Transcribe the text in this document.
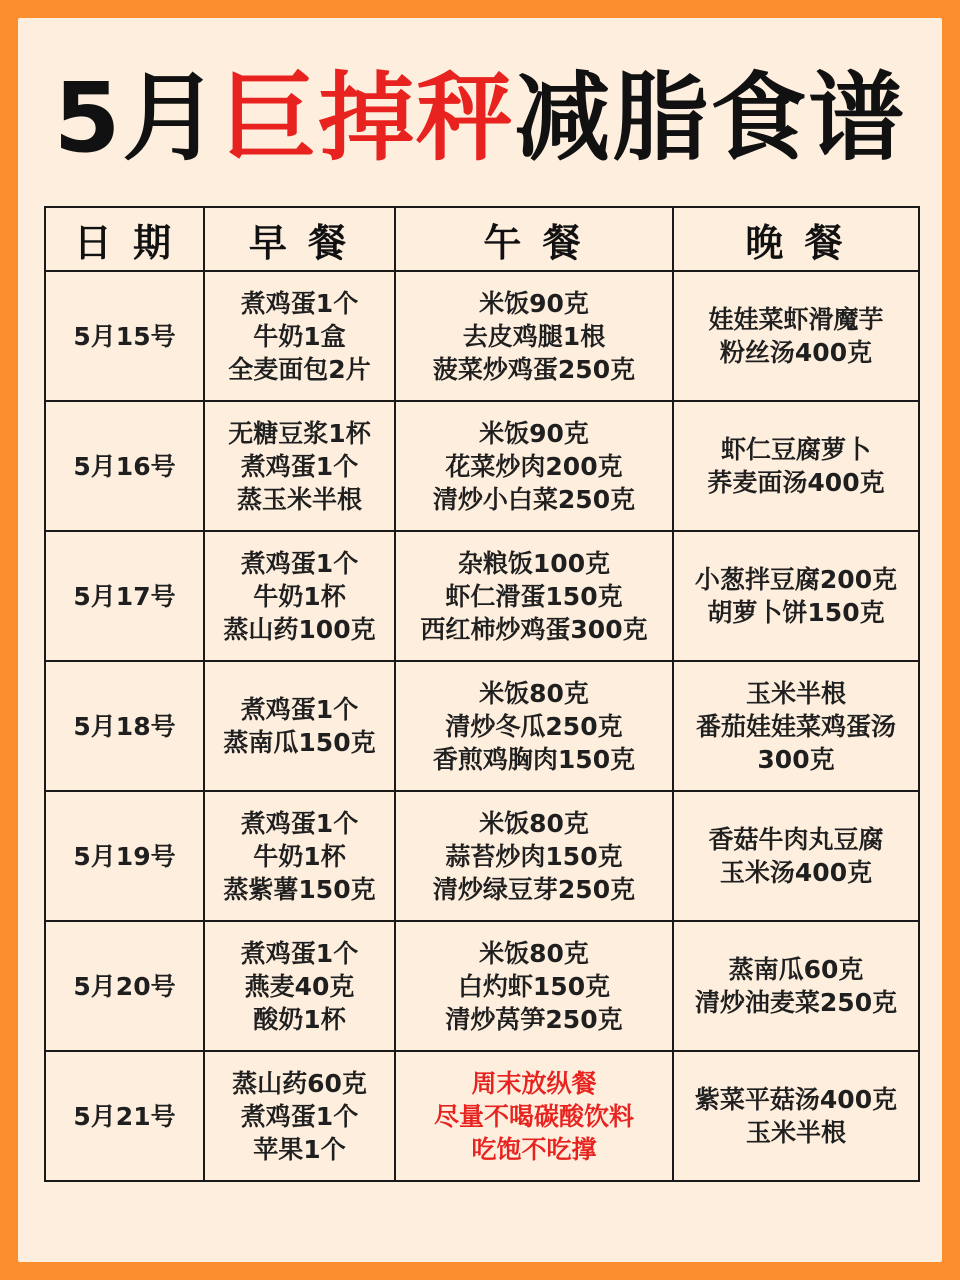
5月巨掉秤减脂食谱
日 期	早 餐	午 餐	晚 餐
5月15号	煮鸡蛋1个
牛奶1盒
全麦面包2片	米饭90克
去皮鸡腿1根
菠菜炒鸡蛋250克	娃娃菜虾滑魔芋
粉丝汤400克

5月16号	无糖豆浆1杯
煮鸡蛋1个
蒸玉米半根	米饭90克
花菜炒肉200克
清炒小白菜250克	虾仁豆腐萝卜
荞麦面汤400克

5月17号	煮鸡蛋1个
牛奶1杯
蒸山药100克	杂粮饭100克
虾仁滑蛋150克
西红柿炒鸡蛋300克	小葱拌豆腐200克
胡萝卜饼150克

5月18号	煮鸡蛋1个
蒸南瓜150克	米饭80克
清炒冬瓜250克
香煎鸡胸肉150克	玉米半根
番茄娃娃菜鸡蛋汤
300克

5月19号	煮鸡蛋1个
牛奶1杯
蒸紫薯150克	米饭80克
蒜苔炒肉150克
清炒绿豆芽250克	香菇牛肉丸豆腐
玉米汤400克

5月20号	煮鸡蛋1个
燕麦40克
酸奶1杯	米饭80克
白灼虾150克
清炒莴笋250克	蒸南瓜60克
清炒油麦菜250克

5月21号	蒸山药60克
煮鸡蛋1个
苹果1个	周末放纵餐
尽量不喝碳酸饮料
吃饱不吃撑	紫菜平菇汤400克
玉米半根
